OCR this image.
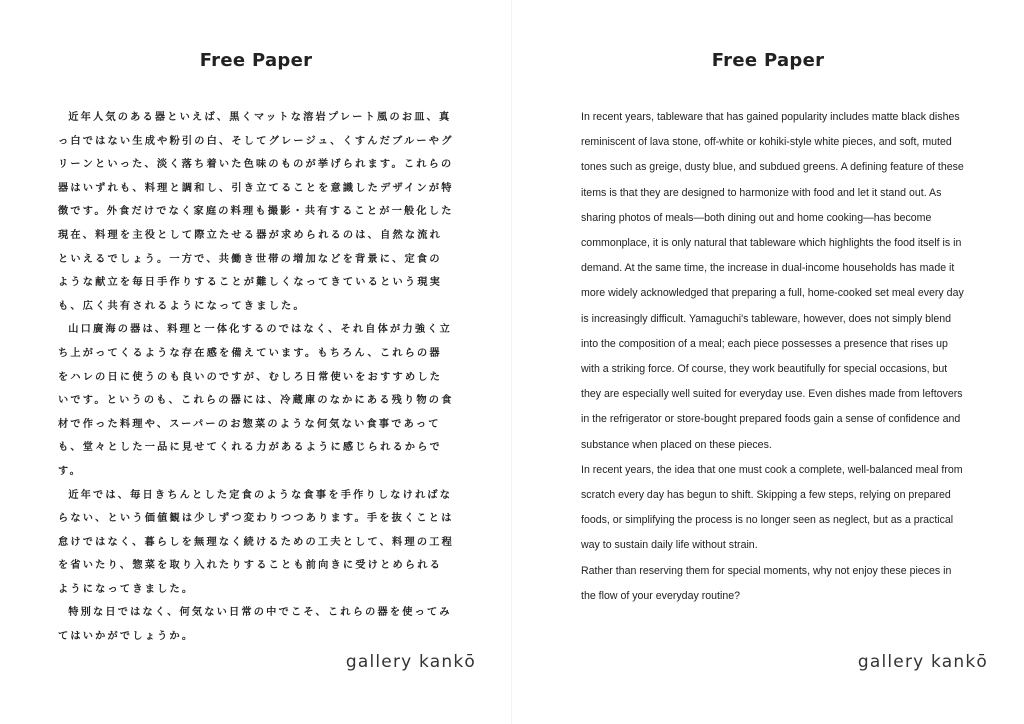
Free Paper

近年人気のある器といえば、黒くマットな溶岩プレート風のお皿、真っ白ではない生成や粉引の白、そしてグレージュ、くすんだブルーやグリーンといった、淡く落ち着いた色味のものが挙げられます。これらの器はいずれも、料理と調和し、引き立てることを意識したデザインが特徴です。外食だけでなく家庭の料理も撮影・共有することが一般化した現在、料理を主役として際立たせる器が求められるのは、自然な流れといえるでしょう。一方で、共働き世帯の増加などを背景に、定食のような献立を毎日手作りすることが難しくなってきているという現実も、広く共有されるようになってきました。

山口廣海の器は、料理と一体化するのではなく、それ自体が力強く立ち上がってくるような存在感を備えています。もちろん、これらの器をハレの日に使うのも良いのですが、むしろ日常使いをおすすめしたいです。というのも、これらの器には、冷蔵庫のなかにある残り物の食材で作った料理や、スーパーのお惣菜のような何気ない食事であっても、堂々とした一品に見せてくれる力があるように感じられるからです。

近年では、毎日きちんとした定食のような食事を手作りしなければならない、という価値観は少しずつ変わりつつあります。手を抜くことは怠けではなく、暮らしを無理なく続けるための工夫として、料理の工程を省いたり、惣菜を取り入れたりすることも前向きに受けとめられるようになってきました。

特別な日ではなく、何気ない日常の中でこそ、これらの器を使ってみてはいかがでしょうか。

gallery kankō
Free Paper

In recent years, tableware that has gained popularity includes matte black dishes reminiscent of lava stone, off-white or kohiki-style white pieces, and soft, muted tones such as greige, dusty blue, and subdued greens. A defining feature of these items is that they are designed to harmonize with food and let it stand out. As sharing photos of meals—both dining out and home cooking—has become commonplace, it is only natural that tableware which highlights the food itself is in demand. At the same time, the increase in dual-income households has made it more widely acknowledged that preparing a full, home-cooked set meal every day is increasingly difficult. Yamaguchi's tableware, however, does not simply blend into the composition of a meal; each piece possesses a presence that rises up with a striking force. Of course, they work beautifully for special occasions, but they are especially well suited for everyday use. Even dishes made from leftovers in the refrigerator or store-bought prepared foods gain a sense of confidence and substance when placed on these pieces.

In recent years, the idea that one must cook a complete, well-balanced meal from scratch every day has begun to shift. Skipping a few steps, relying on prepared foods, or simplifying the process is no longer seen as neglect, but as a practical way to sustain daily life without strain.

Rather than reserving them for special moments, why not enjoy these pieces in the flow of your everyday routine?

gallery kankō
